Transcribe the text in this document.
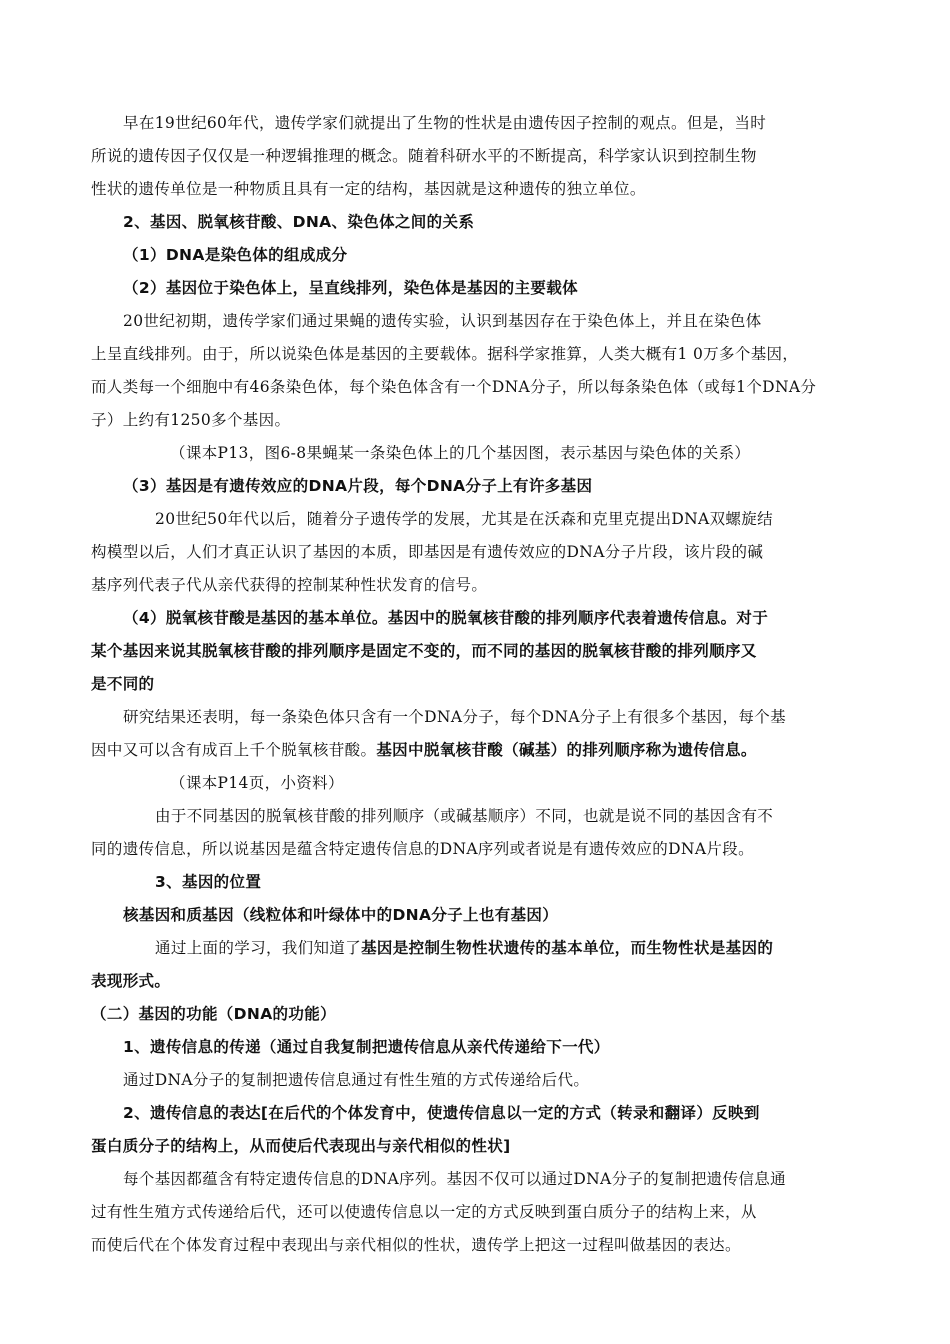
早在19世纪60年代，遗传学家们就提出了生物的性状是由遗传因子控制的观点。但是，当时
所说的遗传因子仅仅是一种逻辑推理的概念。随着科研水平的不断提高，科学家认识到控制生物
性状的遗传单位是一种物质且具有一定的结构，基因就是这种遗传的独立单位。
2、基因、脱氧核苷酸、DNA、染色体之间的关系
（1）DNA是染色体的组成成分
（2）基因位于染色体上，呈直线排列，染色体是基因的主要载体
20世纪初期，遗传学家们通过果蝇的遗传实验，认识到基因存在于染色体上，并且在染色体
上呈直线排列。由于，所以说染色体是基因的主要载体。据科学家推算，人类大概有1 0万多个基因，
而人类每一个细胞中有46条染色体，每个染色体含有一个DNA分子，所以每条染色体（或每1个DNA分
子）上约有1250多个基因。
（课本P13，图6-8果蝇某一条染色体上的几个基因图，表示基因与染色体的关系）
（3）基因是有遗传效应的DNA片段，每个DNA分子上有许多基因
20世纪50年代以后，随着分子遗传学的发展，尤其是在沃森和克里克提出DNA双螺旋结
构模型以后，人们才真正认识了基因的本质，即基因是有遗传效应的DNA分子片段，该片段的碱
基序列代表子代从亲代获得的控制某种性状发育的信号。
（4）脱氧核苷酸是基因的基本单位。基因中的脱氧核苷酸的排列顺序代表着遗传信息。对于
某个基因来说其脱氧核苷酸的排列顺序是固定不变的，而不同的基因的脱氧核苷酸的排列顺序又
是不同的
研究结果还表明，每一条染色体只含有一个DNA分子，每个DNA分子上有很多个基因，每个基
因中又可以含有成百上千个脱氧核苷酸。基因中脱氧核苷酸（碱基）的排列顺序称为遗传信息。
（课本P14页，小资料）
由于不同基因的脱氧核苷酸的排列顺序（或碱基顺序）不同，也就是说不同的基因含有不
同的遗传信息，所以说基因是蕴含特定遗传信息的DNA序列或者说是有遗传效应的DNA片段。
3、基因的位置
核基因和质基因（线粒体和叶绿体中的DNA分子上也有基因）
通过上面的学习，我们知道了基因是控制生物性状遗传的基本单位，而生物性状是基因的
表现形式。
（二）基因的功能（DNA的功能）
1、遗传信息的传递（通过自我复制把遗传信息从亲代传递给下一代）
通过DNA分子的复制把遗传信息通过有性生殖的方式传递给后代。
2、遗传信息的表达[在后代的个体发育中，使遗传信息以一定的方式（转录和翻译）反映到
蛋白质分子的结构上，从而使后代表现出与亲代相似的性状]
每个基因都蕴含有特定遗传信息的DNA序列。基因不仅可以通过DNA分子的复制把遗传信息通
过有性生殖方式传递给后代，还可以使遗传信息以一定的方式反映到蛋白质分子的结构上来，从
而使后代在个体发育过程中表现出与亲代相似的性状，遗传学上把这一过程叫做基因的表达。
